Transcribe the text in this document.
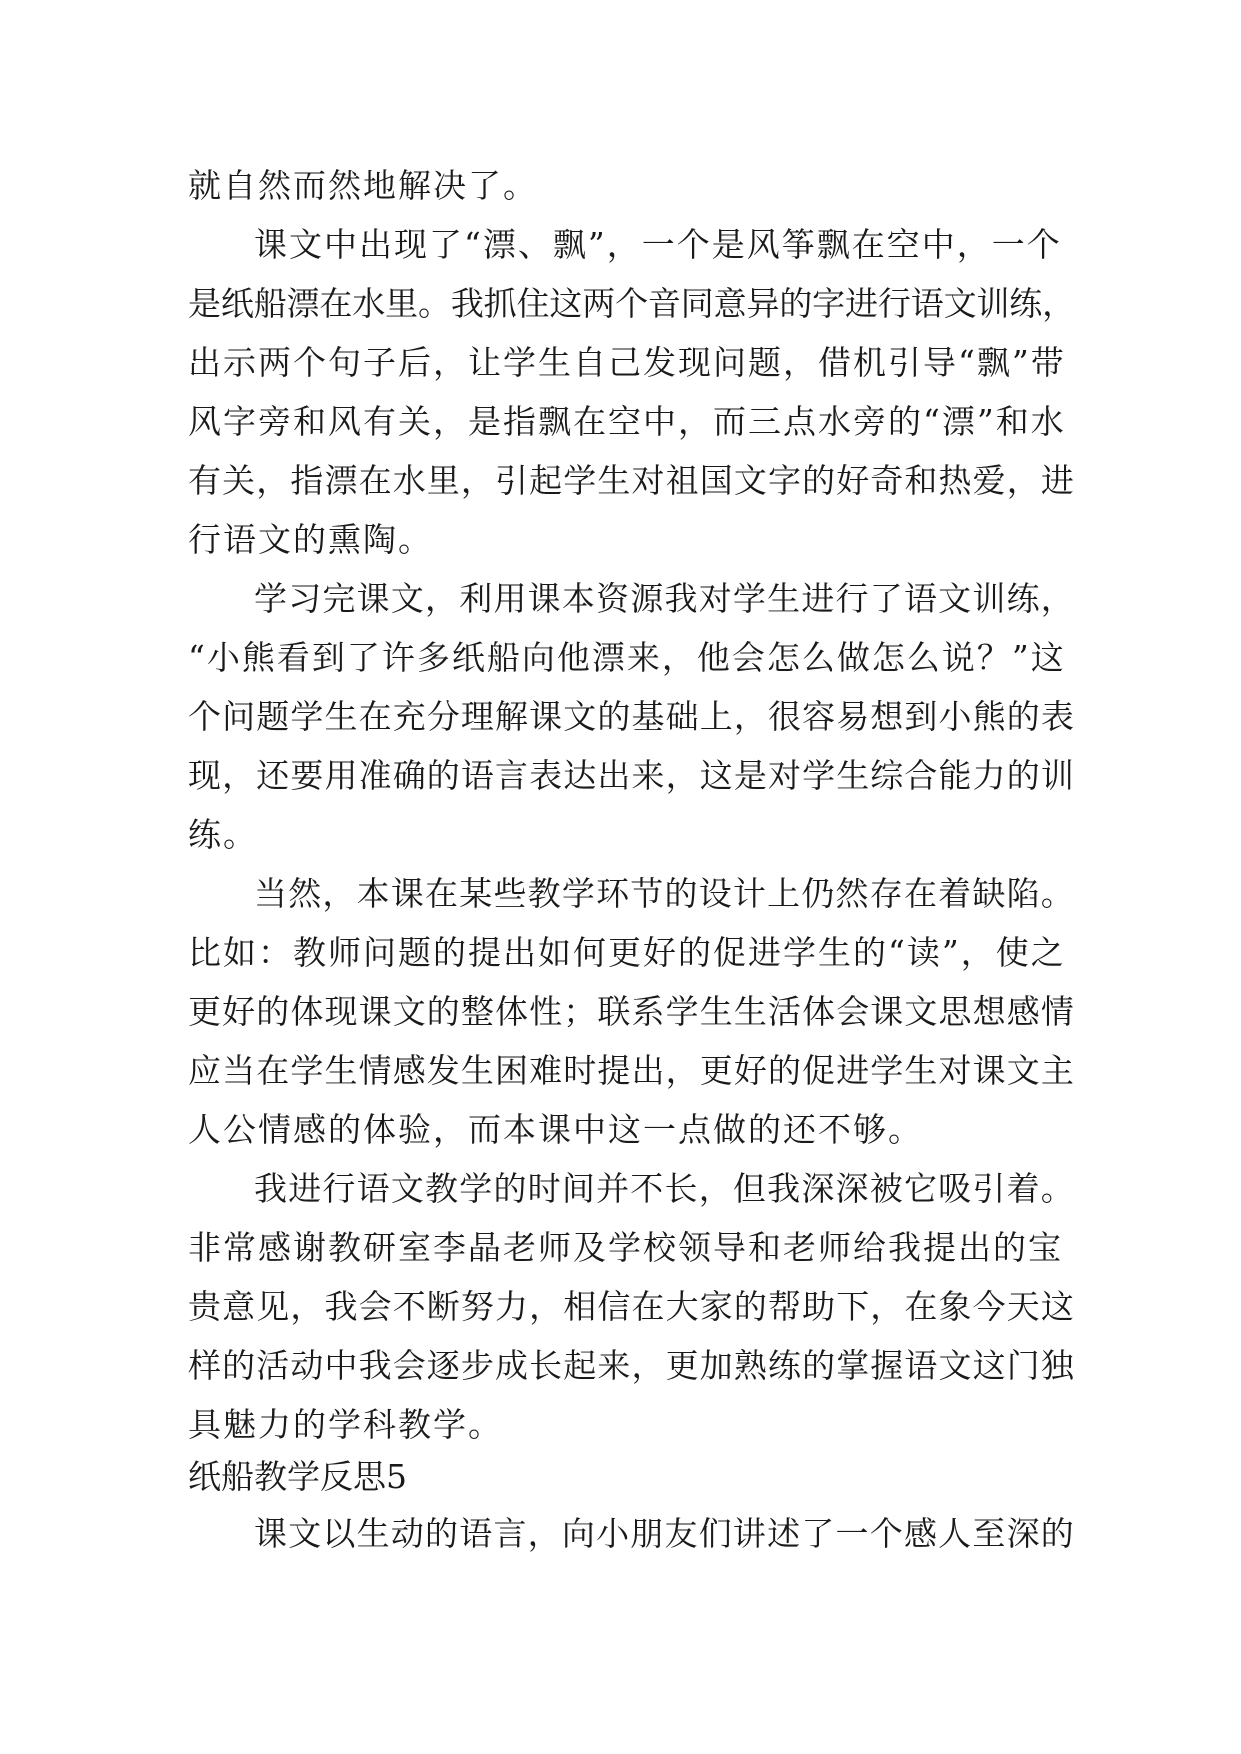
就自然而然地解决了。
课文中出现了“漂、飘”，一个是风筝飘在空中，一个
是纸船漂在水里。我抓住这两个音同意异的字进行语文训练，
出示两个句子后，让学生自己发现问题，借机引导“飘”带
风字旁和风有关，是指飘在空中，而三点水旁的“漂”和水
有关，指漂在水里，引起学生对祖国文字的好奇和热爱，进
行语文的熏陶。
学习完课文，利用课本资源我对学生进行了语文训练，
“小熊看到了许多纸船向他漂来，他会怎么做怎么说？”这
个问题学生在充分理解课文的基础上，很容易想到小熊的表
现，还要用准确的语言表达出来，这是对学生综合能力的训
练。
当然，本课在某些教学环节的设计上仍然存在着缺陷。
比如：教师问题的提出如何更好的促进学生的“读”，使之
更好的体现课文的整体性；联系学生生活体会课文思想感情
应当在学生情感发生困难时提出，更好的促进学生对课文主
人公情感的体验，而本课中这一点做的还不够。
我进行语文教学的时间并不长，但我深深被它吸引着。
非常感谢教研室李晶老师及学校领导和老师给我提出的宝
贵意见，我会不断努力，相信在大家的帮助下，在象今天这
样的活动中我会逐步成长起来，更加熟练的掌握语文这门独
具魅力的学科教学。
纸船教学反思5
课文以生动的语言，向小朋友们讲述了一个感人至深的
